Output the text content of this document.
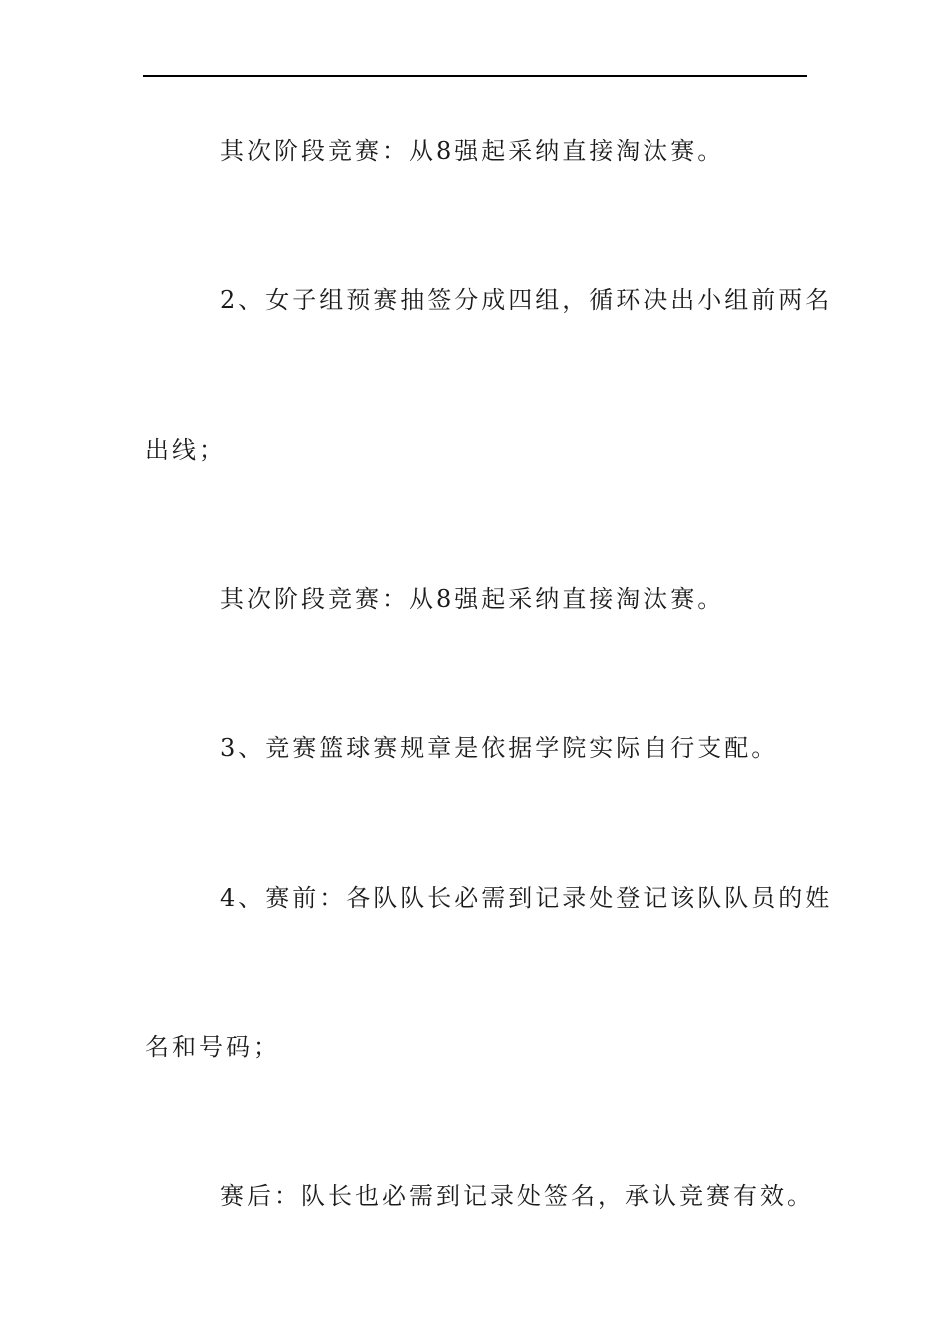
其次阶段竞赛：从8强起采纳直接淘汰赛。

2、女子组预赛抽签分成四组，循环决出小组前两名

出线；

其次阶段竞赛：从8强起采纳直接淘汰赛。

3、竞赛篮球赛规章是依据学院实际自行支配。

4、赛前：各队队长必需到记录处登记该队队员的姓

名和号码；

赛后：队长也必需到记录处签名，承认竞赛有效。
